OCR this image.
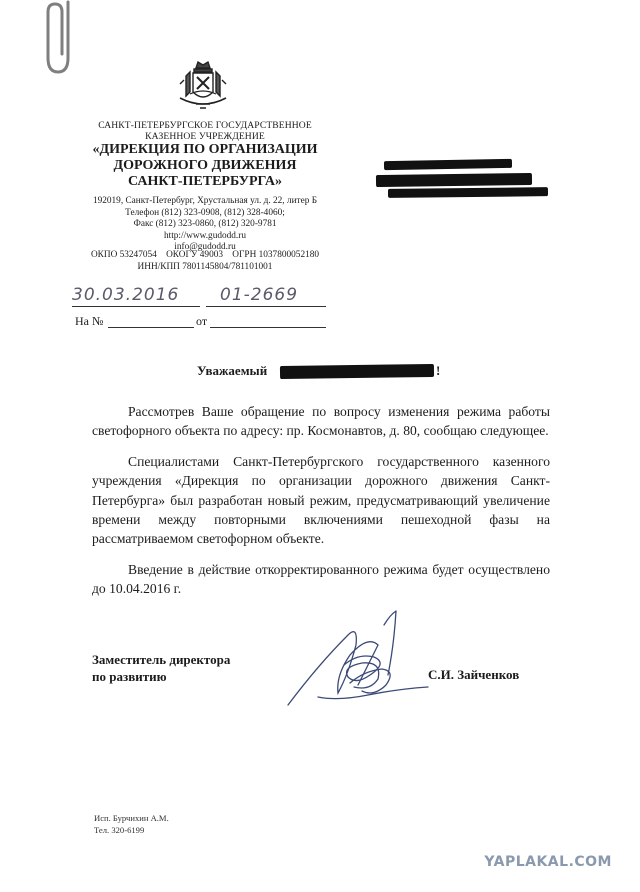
САНКТ-ПЕТЕРБУРГСКОЕ ГОСУДАРСТВЕННОЕ
КАЗЕННОЕ УЧРЕЖДЕНИЕ
«ДИРЕКЦИЯ ПО ОРГАНИЗАЦИИ
ДОРОЖНОГО ДВИЖЕНИЯ
САНКТ-ПЕТЕРБУРГА»
192019, Санкт-Петербург, Хрустальная ул. д. 22, литер Б
Телефон (812) 323-0908, (812) 328-4060;
Факс (812) 323-0860, (812) 320-9781
http://www.gudodd.ru
info@gudodd.ru
ОКПО 53247054    ОКОГУ 49003    ОГРН 1037800052180
ИНН/КПП 7801145804/781101001
30.03.2016 01-2669
На №	от
Уважаемый	!

Рассмотрев Ваше обращение по вопросу изменения режима работы светофорного объекта по адресу: пр. Космонавтов, д. 80, сообщаю следующее.

Специалистами Санкт-Петербургского государственного казенного учреждения «Дирекция по организации дорожного движения Санкт-Петербурга» был разработан новый режим, предусматривающий увеличение времени между повторными включениями пешеходной фазы на рассматриваемом светофорном объекте.

Введение в действие откорректированного режима будет осуществлено до 10.04.2016 г.

Заместитель директора
по развитию	С.И. Зайченков
Исп. Бурчихин А.М.
Тел. 320-6199
YAPLAKAL.COM
